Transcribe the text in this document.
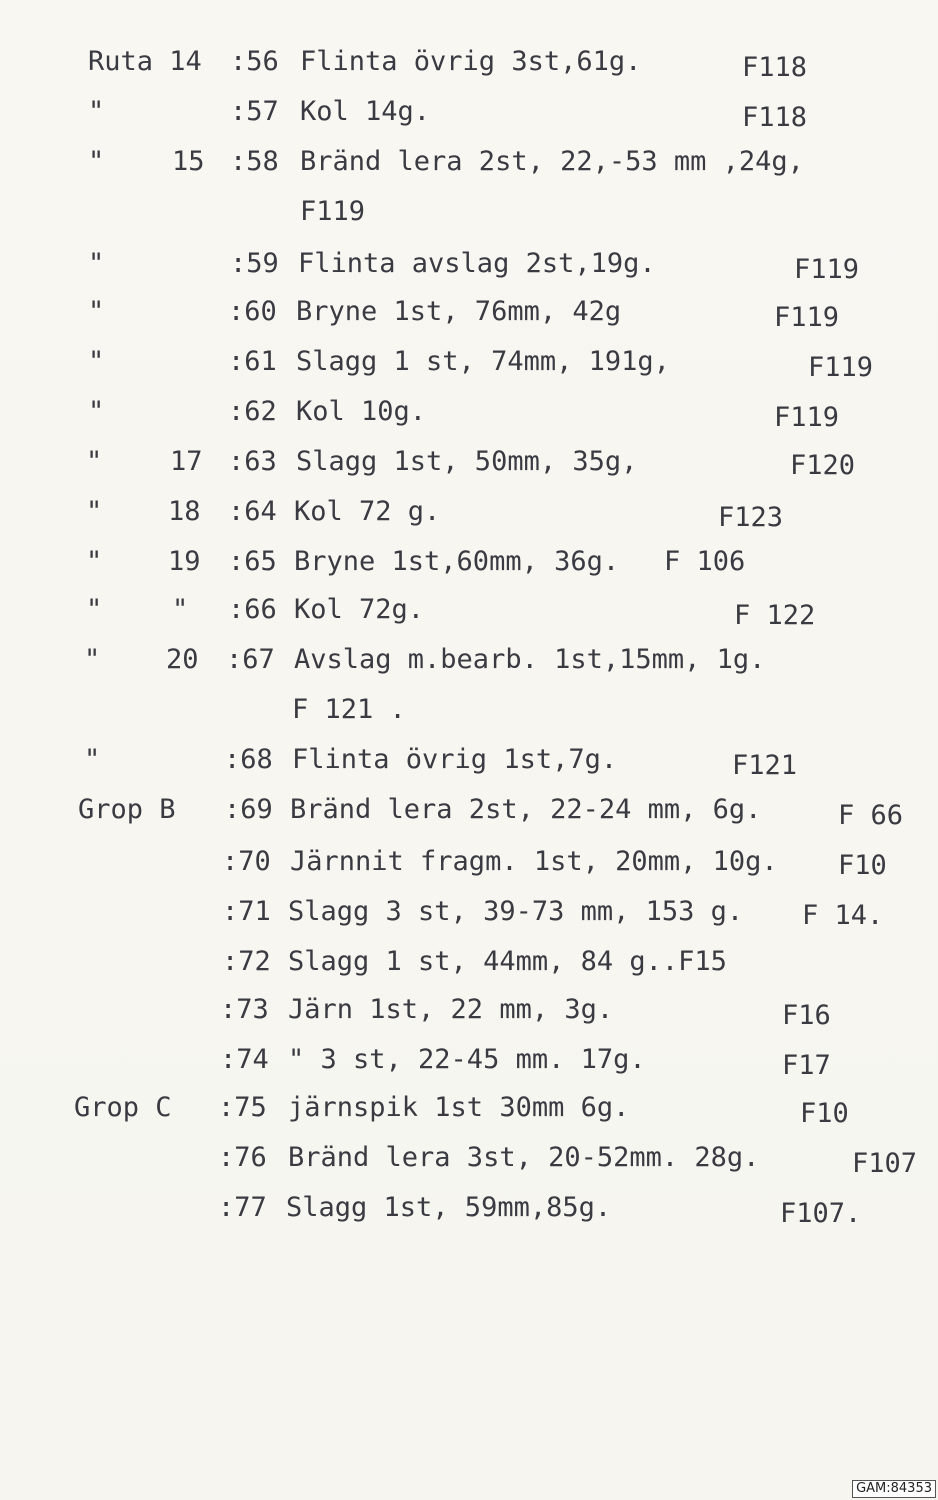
Ruta 14 :56 Flinta övrig 3st,61g.	F118
"	:57 Kol 14g.	F118
"	15 :58 Bränd lera 2st, 22,-53 mm ,24g,
F119
"	:59 Flinta avslag 2st,19g.	F119
"	:60 Bryne 1st, 76mm, 42g	F119
"	:61 Slagg 1 st, 74mm, 191g,	F119
"	:62 Kol 10g.	F119
"	17 :63 Slagg 1st, 50mm, 35g,	F120
" 18 :64 Kol 72 g.	F123
" 19 :65 Bryne 1st,60mm, 36g. F 106
"	" :66 Kol 72g.	F 122
" 20 :67 Avslag m.bearb. 1st,15mm, 1g.
F 121 .
"	:68 Flinta övrig 1st,7g.	F121
Grop B :69 Bränd lera 2st, 22-24 mm, 6g.	F 66
:70 Järnnit fragm. 1st, 20mm, 10g. F10
:71 Slagg 3 st, 39-73 mm, 153 g. F 14.
:72 Slagg 1 st, 44mm, 84 g..F15
:73 Järn 1st, 22 mm, 3g.	F16
:74 " 3 st, 22-45 mm. 17g.	F17
Grop C :75 järnspik 1st 30mm 6g.	F10
:76 Bränd lera 3st, 20-52mm. 28g.	F107
:77 Slagg 1st, 59mm,85g.	F107.
GAM:84353
